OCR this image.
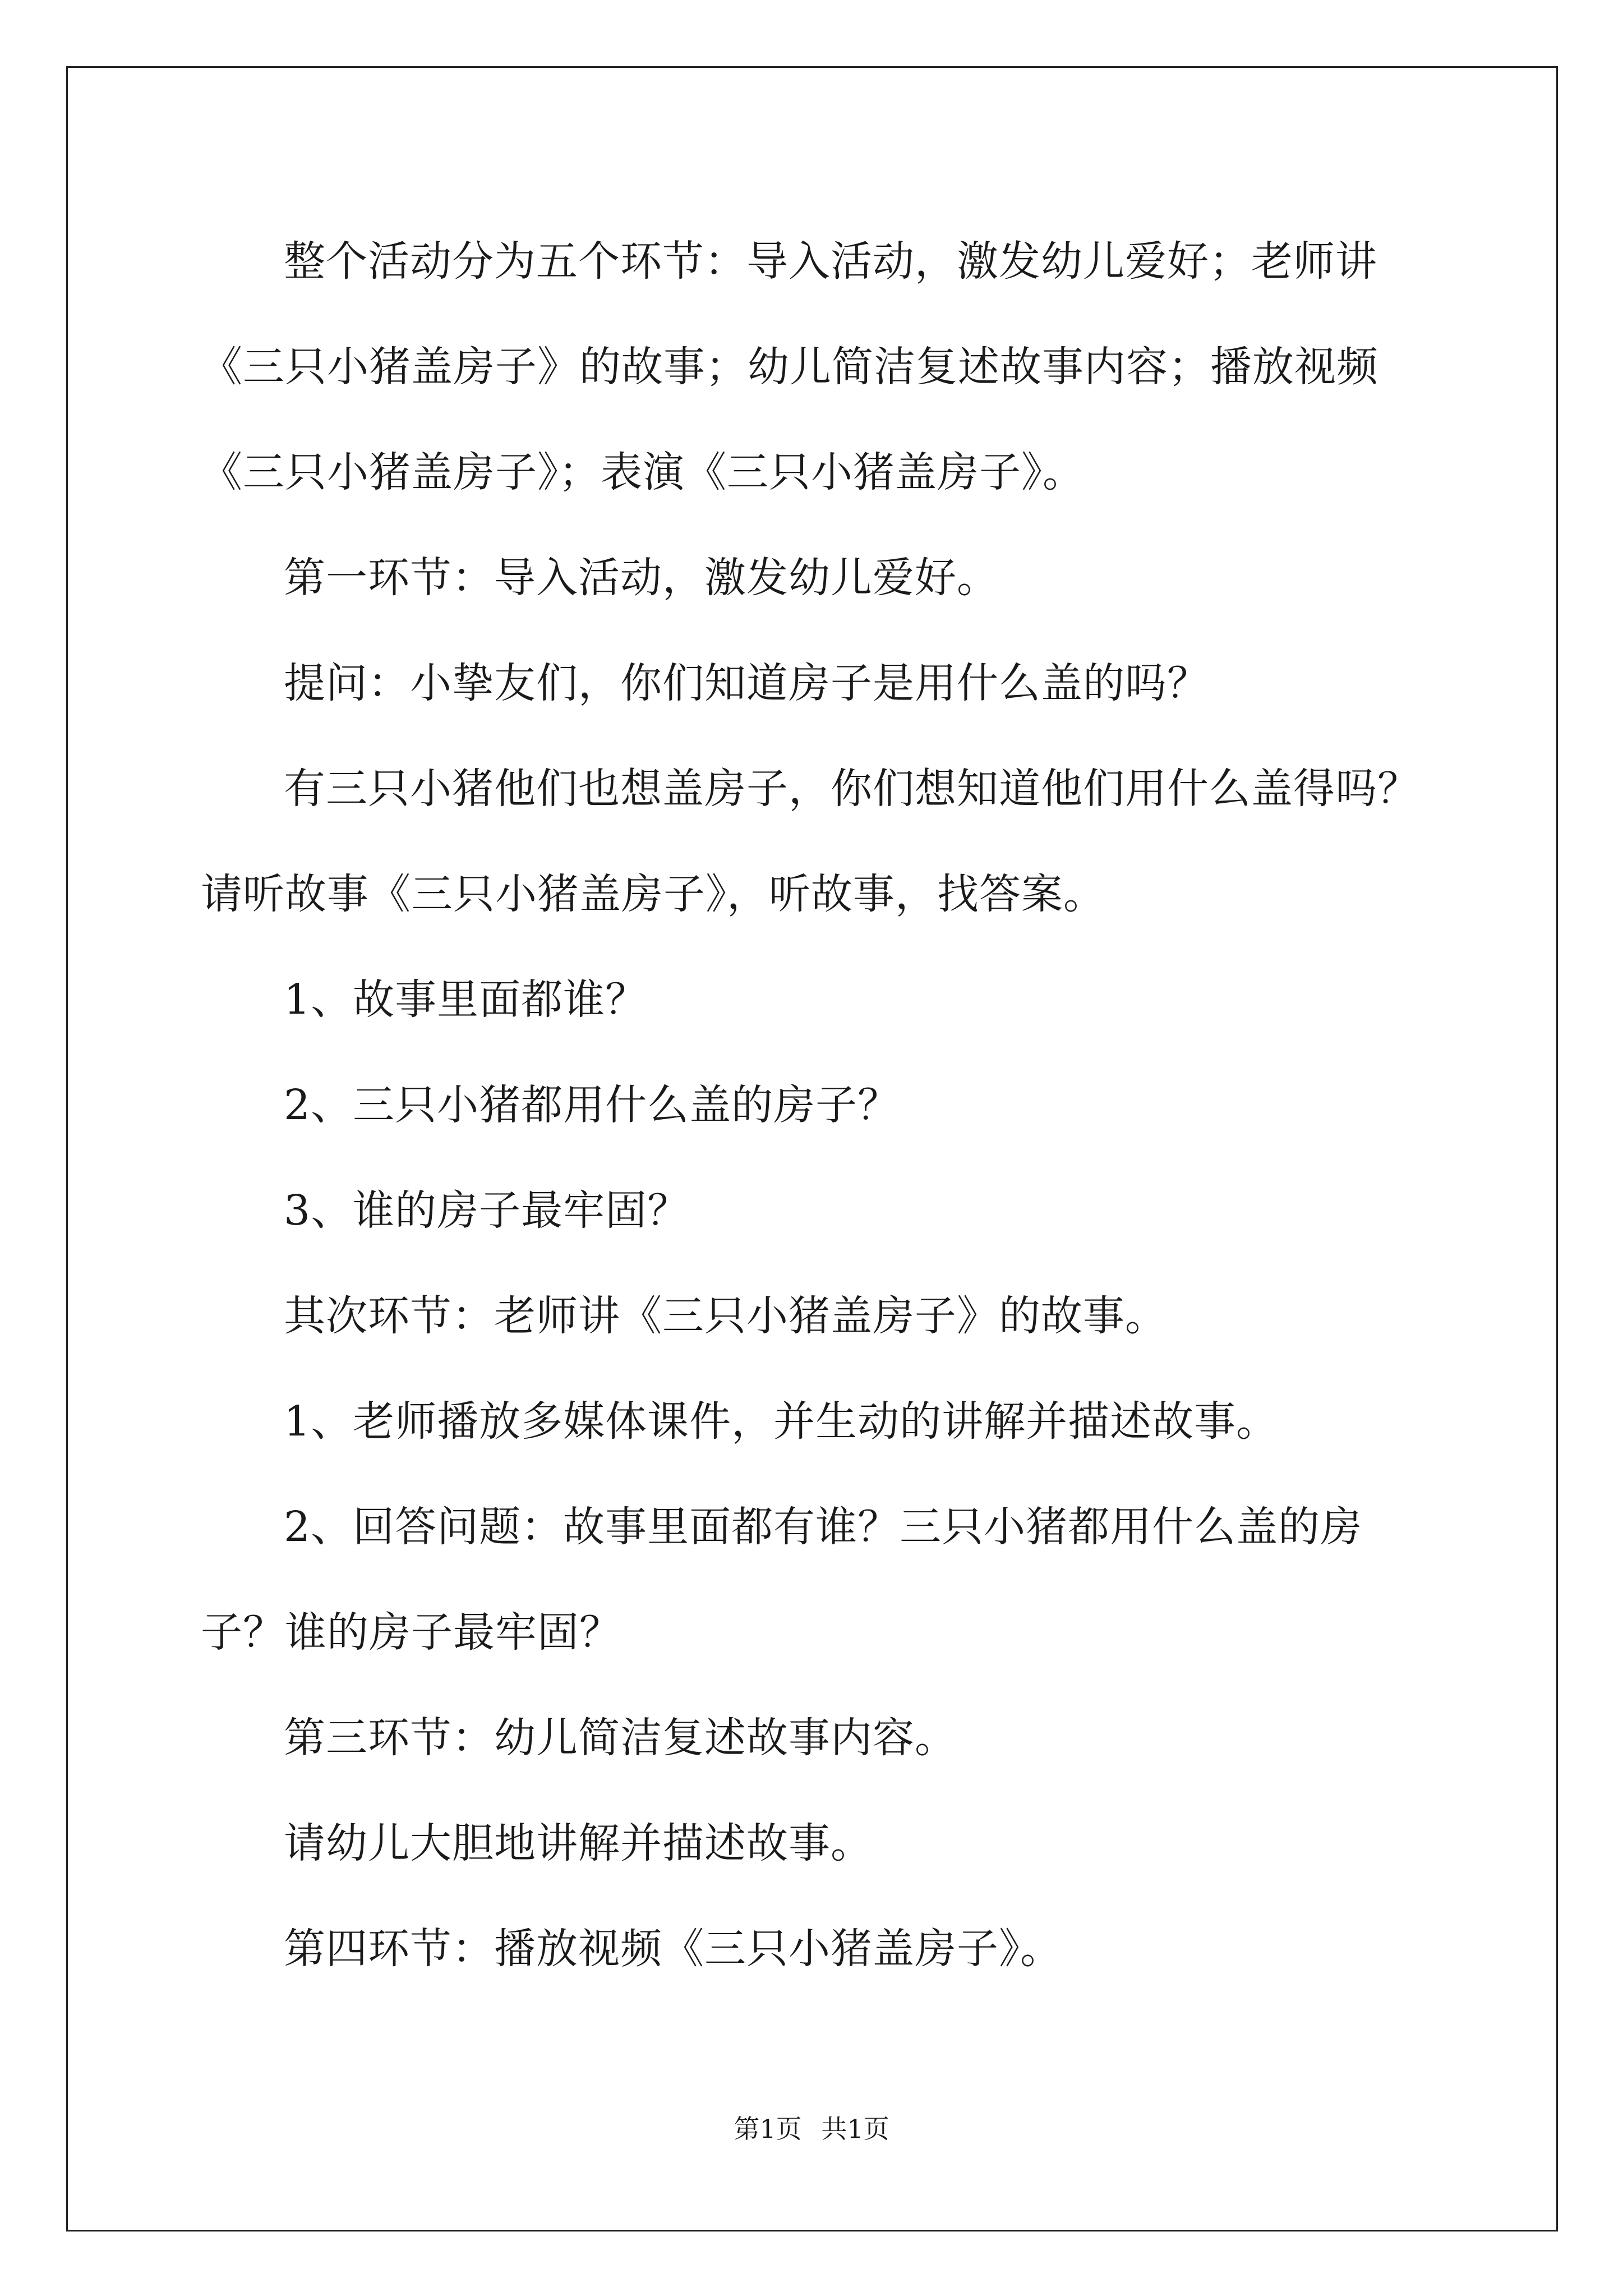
整个活动分为五个环节：导入活动，激发幼儿爱好；老师讲《三只小猪盖房子》的故事；幼儿简洁复述故事内容；播放视频《三只小猪盖房子》；表演《三只小猪盖房子》。

第一环节：导入活动，激发幼儿爱好。

提问：小挚友们，你们知道房子是用什么盖的吗？

有三只小猪他们也想盖房子，你们想知道他们用什么盖得吗？请听故事《三只小猪盖房子》，听故事，找答案。

1、故事里面都谁？

2、三只小猪都用什么盖的房子？

3、谁的房子最牢固？

其次环节：老师讲《三只小猪盖房子》的故事。

1、老师播放多媒体课件，并生动的讲解并描述故事。

2、回答问题：故事里面都有谁？三只小猪都用什么盖的房子？谁的房子最牢固？

第三环节：幼儿简洁复述故事内容。

请幼儿大胆地讲解并描述故事。

第四环节：播放视频《三只小猪盖房子》。

第1页 共1页
